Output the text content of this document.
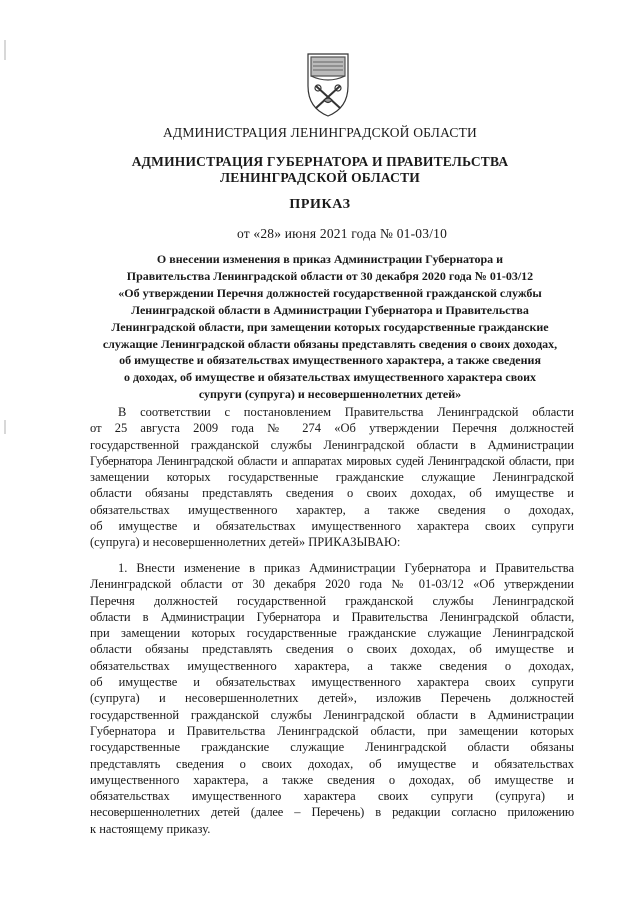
АДМИНИСТРАЦИЯ ЛЕНИНГРАДСКОЙ ОБЛАСТИ
АДМИНИСТРАЦИЯ ГУБЕРНАТОРА И ПРАВИТЕЛЬСТВА
ЛЕНИНГРАДСКОЙ ОБЛАСТИ
ПРИКАЗ
от «28» июня 2021 года № 01-03/10
О внесении изменения в приказ Администрации Губернатора и
Правительства Ленинградской области от 30 декабря 2020 года № 01-03/12
«Об утверждении Перечня должностей государственной гражданской службы
Ленинградской области в Администрации Губернатора и Правительства
Ленинградской области, при замещении которых государственные гражданские
служащие Ленинградской области обязаны представлять сведения о своих доходах,
об имуществе и обязательствах имущественного характера, а также сведения
о доходах, об имуществе и обязательствах имущественного характера своих
супруги (супруга) и несовершеннолетних детей»
В соответствии с постановлением Правительства Ленинградской области
от 25 августа 2009 года № 274 «Об утверждении Перечня должностей
государственной гражданской службы Ленинградской области в Администрации
Губернатора Ленинградской области и аппаратах мировых судей Ленинградской области, при
замещении которых государственные гражданские служащие Ленинградской
области обязаны представлять сведения о своих доходах, об имуществе и
обязательствах имущественного характер, а также сведения о доходах,
об имуществе и обязательствах имущественного характера своих супруги
(супруга) и несовершеннолетних детей» ПРИКАЗЫВАЮ:
1. Внести изменение в приказ Администрации Губернатора и Правительства
Ленинградской области от 30 декабря 2020 года № 01-03/12 «Об утверждении
Перечня должностей государственной гражданской службы Ленинградской
области в Администрации Губернатора и Правительства Ленинградской области,
при замещении которых государственные гражданские служащие Ленинградской
области обязаны представлять сведения о своих доходах, об имуществе и
обязательствах имущественного характера, а также сведения о доходах,
об имуществе и обязательствах имущественного характера своих супруги
(супруга) и несовершеннолетних детей», изложив Перечень должностей
государственной гражданской службы Ленинградской области в Администрации
Губернатора и Правительства Ленинградской области, при замещении которых
государственные гражданские служащие Ленинградской области обязаны
представлять сведения о своих доходах, об имуществе и обязательствах
имущественного характера, а также сведения о доходах, об имуществе и
обязательствах имущественного характера своих супруги (супруга) и
несовершеннолетних детей (далее – Перечень) в редакции согласно приложению
к настоящему приказу.
